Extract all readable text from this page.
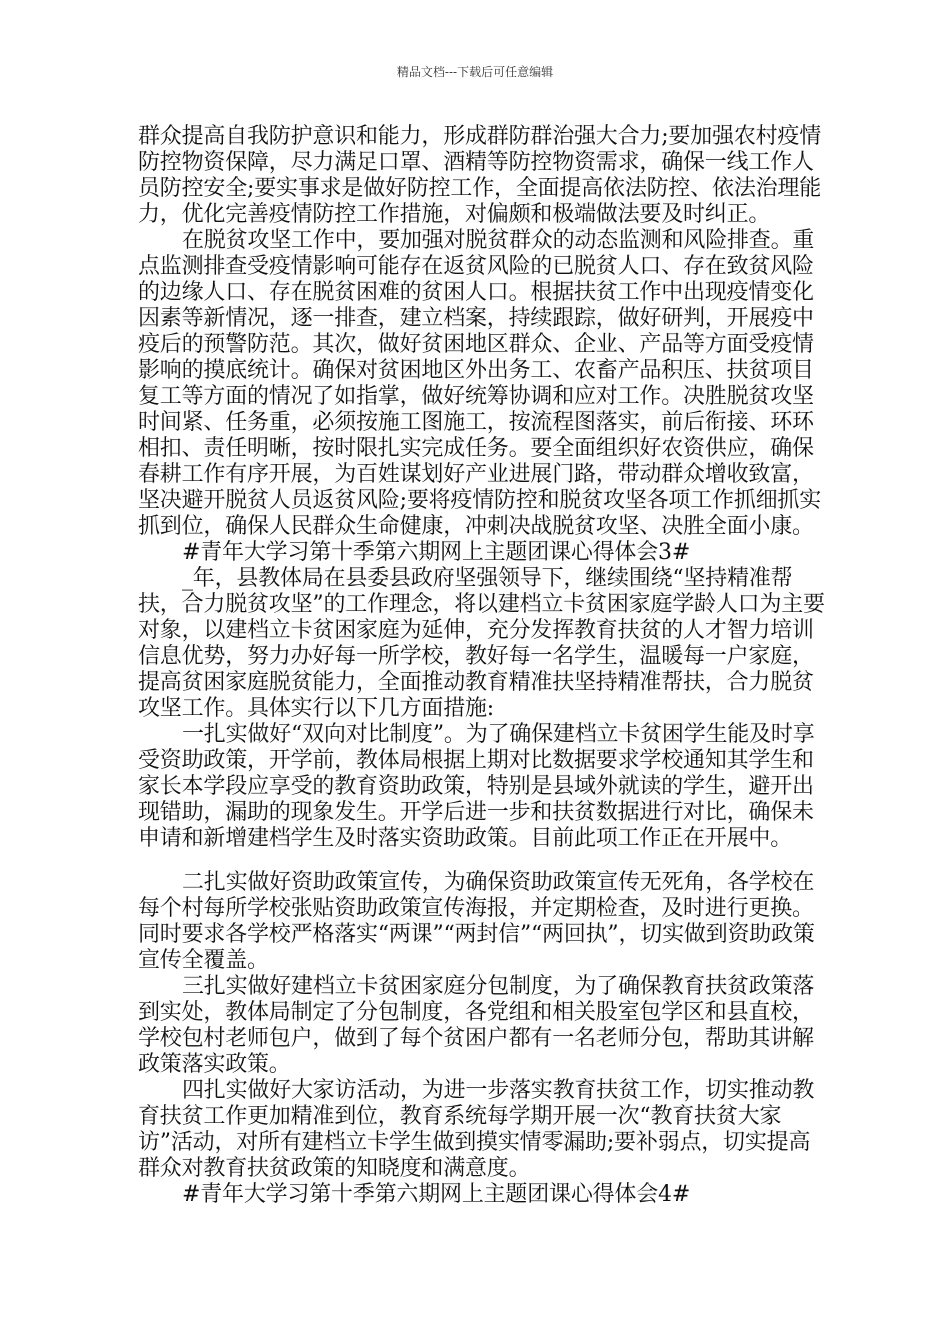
精品文档---下载后可任意编辑

群众提高自我防护意识和能力，形成群防群治强大合力;要加强农村疫情防控物资保障，尽力满足口罩、酒精等防控物资需求，确保一线工作人员防控安全;要实事求是做好防控工作，全面提高依法防控、依法治理能力，优化完善疫情防控工作措施，对偏颇和极端做法要及时纠正。

在脱贫攻坚工作中，要加强对脱贫群众的动态监测和风险排查。重点监测排查受疫情影响可能存在返贫风险的已脱贫人口、存在致贫风险的边缘人口、存在脱贫困难的贫困人口。根据扶贫工作中出现疫情变化因素等新情况，逐一排查，建立档案，持续跟踪，做好研判，开展疫中疫后的预警防范。其次，做好贫困地区群众、企业、产品等方面受疫情影响的摸底统计。确保对贫困地区外出务工、农畜产品积压、扶贫项目复工等方面的情况了如指掌，做好统筹协调和应对工作。决胜脱贫攻坚时间紧、任务重，必须按施工图施工，按流程图落实，前后衔接、环环相扣、责任明晰，按时限扎实完成任务。要全面组织好农资供应，确保春耕工作有序开展，为百姓谋划好产业进展门路，带动群众增收致富，坚决避开脱贫人员返贫风险;要将疫情防控和脱贫攻坚各项工作抓细抓实抓到位，确保人民群众生命健康，冲刺决战脱贫攻坚、决胜全面小康。

#青年大学习第十季第六期网上主题团课心得体会3#

_年，县教体局在县委县政府坚强领导下，继续围绕“坚持精准帮扶，合力脱贫攻坚”的工作理念，将以建档立卡贫困家庭学龄人口为主要对象，以建档立卡贫困家庭为延伸，充分发挥教育扶贫的人才智力培训信息优势，努力办好每一所学校，教好每一名学生，温暖每一户家庭，提高贫困家庭脱贫能力，全面推动教育精准扶坚持精准帮扶，合力脱贫攻坚工作。具体实行以下几方面措施:

一扎实做好“双向对比制度”。为了确保建档立卡贫困学生能及时享受资助政策，开学前，教体局根据上期对比数据要求学校通知其学生和家长本学段应享受的教育资助政策，特别是县域外就读的学生，避开出现错助，漏助的现象发生。开学后进一步和扶贫数据进行对比，确保未申请和新增建档学生及时落实资助政策。目前此项工作正在开展中。

二扎实做好资助政策宣传，为确保资助政策宣传无死角，各学校在每个村每所学校张贴资助政策宣传海报，并定期检查，及时进行更换。同时要求各学校严格落实“两课”“两封信”“两回执”，切实做到资助政策宣传全覆盖。

三扎实做好建档立卡贫困家庭分包制度，为了确保教育扶贫政策落到实处，教体局制定了分包制度，各党组和相关股室包学区和县直校，学校包村老师包户，做到了每个贫困户都有一名老师分包，帮助其讲解政策落实政策。

四扎实做好大家访活动，为进一步落实教育扶贫工作，切实推动教育扶贫工作更加精准到位，教育系统每学期开展一次“教育扶贫大家访”活动，对所有建档立卡学生做到摸实情零漏助;要补弱点，切实提高群众对教育扶贫政策的知晓度和满意度。

#青年大学习第十季第六期网上主题团课心得体会4#
